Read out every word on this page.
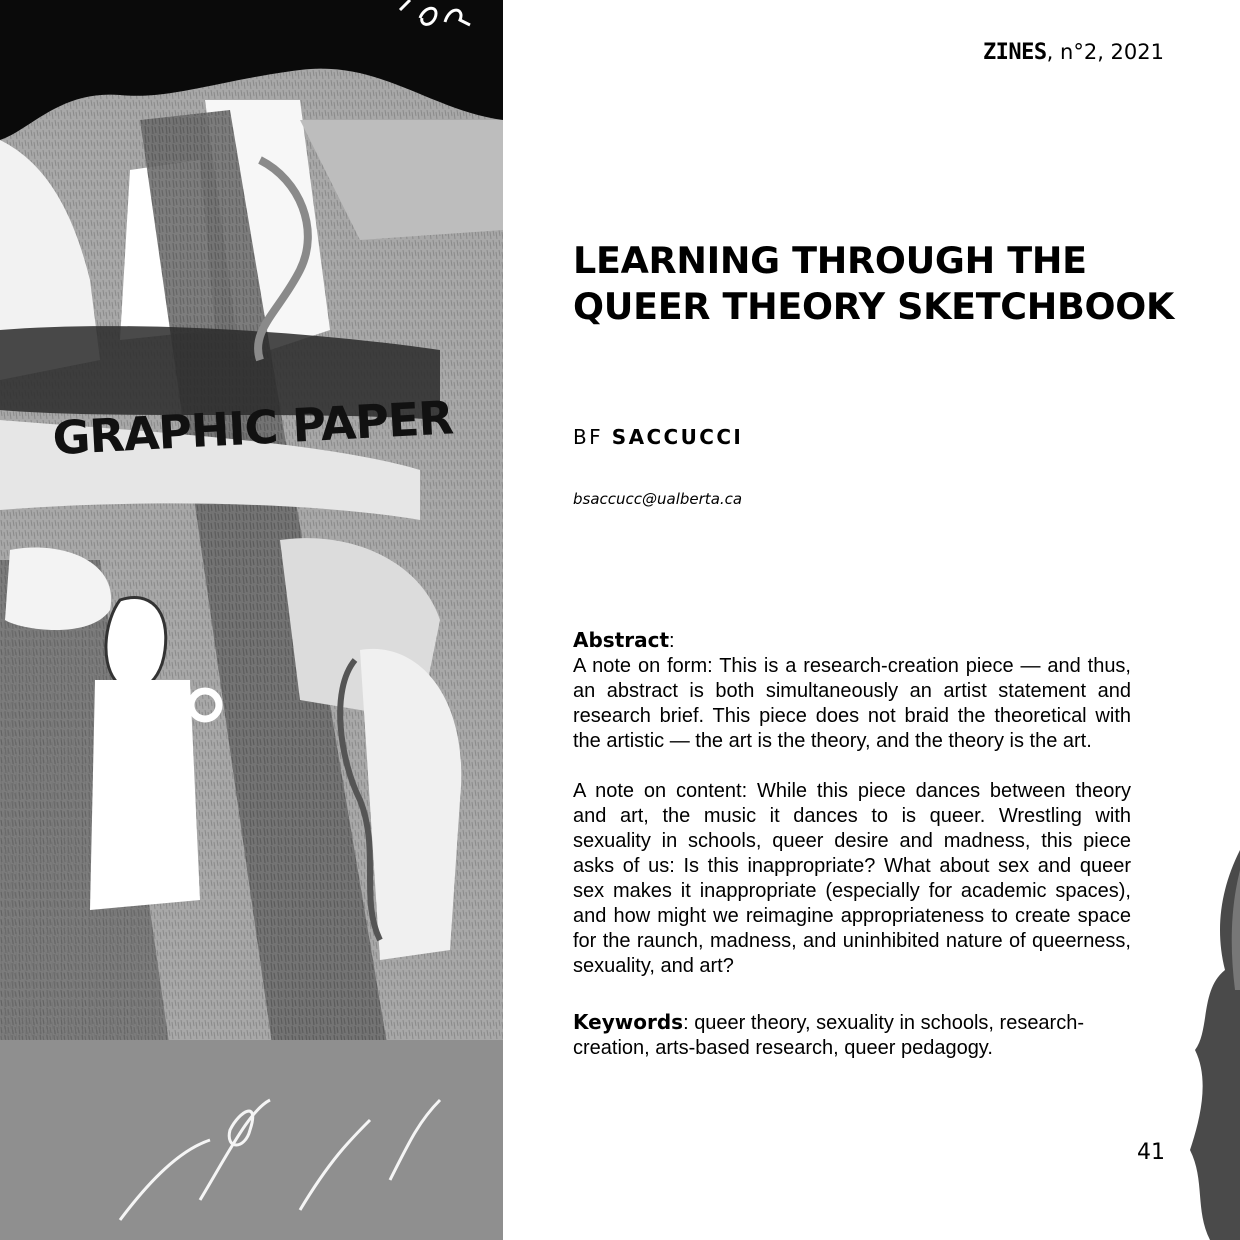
GRAPHIC PAPER
ZINES, n°2, 2021
LEARNING THROUGH THE
QUEER THEORY SKETCHBOOK
BF SACCUCCI
bsaccucc@ualberta.ca
Abstract:

A note on form: This is a research-creation piece — and thus, an abstract is both simultaneously an artist statement and research brief. This piece does not braid the theoretical with the artistic — the art is the theory, and the theory is the art.

A note on content: While this piece dances between theory and art, the music it dances to is queer. Wrestling with sexuality in schools, queer desire and madness, this piece asks of us: Is this inappropriate? What about sex and queer sex makes it inappropriate (especially for academic spaces), and how might we reimagine appropriateness to create space for the raunch, madness, and uninhibited nature of queerness, sexuality, and art?

Keywords: queer theory, sexuality in schools, research-creation, arts-based research, queer pedagogy.
41
